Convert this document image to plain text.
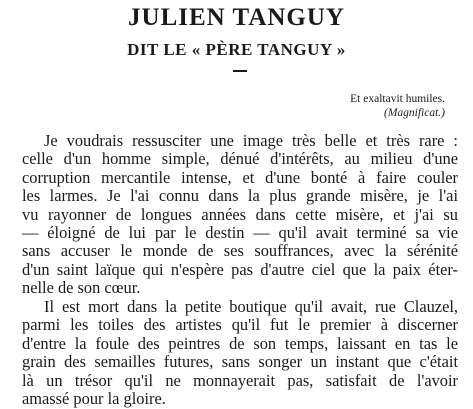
JULIEN TANGUY
DIT LE « PÈRE TANGUY »
Et exaltavit humiles.
(Magnificat.)
Je voudrais ressusciter une image très belle et très rare :
celle d'un homme simple, dénué d'intérêts, au milieu d'une
corruption mercantile intense, et d'une bonté à faire couler
les larmes. Je l'ai connu dans la plus grande misère, je l'ai
vu rayonner de longues années dans cette misère, et j'ai su
— éloigné de lui par le destin — qu'il avait terminé sa vie
sans accuser le monde de ses souffrances, avec la sérénité
d'un saint laïque qui n'espère pas d'autre ciel que la paix éter-
nelle de son cœur.
Il est mort dans la petite boutique qu'il avait, rue Clauzel,
parmi les toiles des artistes qu'il fut le premier à discerner
d'entre la foule des peintres de son temps, laissant en tas le
grain des semailles futures, sans songer un instant que c'était
là un trésor qu'il ne monnayerait pas, satisfait de l'avoir
amassé pour la gloire.
